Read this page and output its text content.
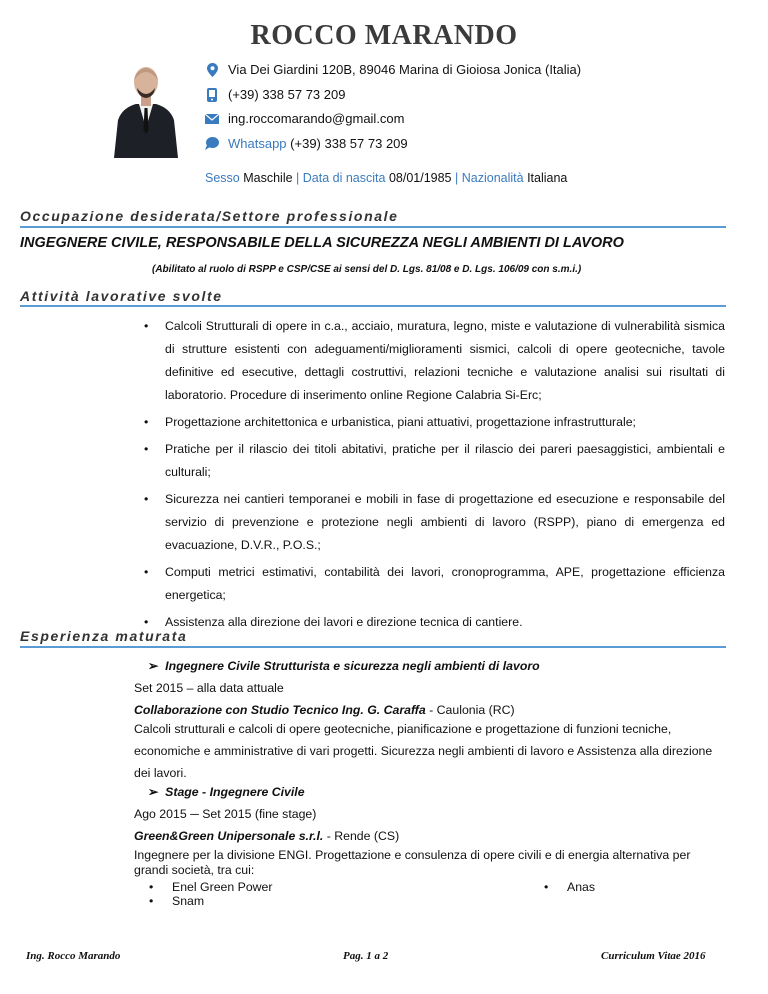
ROCCO MARANDO
Via Dei Giardini 120B, 89046 Marina di Gioiosa Jonica (Italia)
(+39) 338 57 73 209
ing.roccomarando@gmail.com
Whatsapp
(+39) 338 57 73 209
Sesso Maschile | Data di nascita 08/01/1985 | Nazionalità Italiana
Occupazione desiderata/Settore professionale
INGEGNERE CIVILE, RESPONSABILE DELLA SICUREZZA NEGLI AMBIENTI DI LAVORO
(Abilitato al ruolo di RSPP e CSP/CSE ai sensi del D. Lgs. 81/08 e D. Lgs. 106/09 con s.m.i.)
Attività lavorative svolte
• Calcoli Strutturali di opere in c.a., acciaio, muratura, legno, miste e valutazione di vulnerabilità sismica di strutture esistenti con adeguamenti/miglioramenti sismici, calcoli di opere geotecniche, tavole definitive ed esecutive, dettagli costruttivi, relazioni tecniche e valutazione analisi sui risultati di laboratorio. Procedure di inserimento online Regione Calabria Si-Erc;
• Progettazione architettonica e urbanistica, piani attuativi, progettazione infrastrutturale;
• Pratiche per il rilascio dei titoli abitativi, pratiche per il rilascio dei pareri paesaggistici, ambientali e culturali;
• Sicurezza nei cantieri temporanei e mobili in fase di progettazione ed esecuzione e responsabile del servizio di prevenzione e protezione negli ambienti di lavoro (RSPP), piano di emergenza ed evacuazione, D.V.R., P.O.S.;
• Computi metrici estimativi, contabilità dei lavori, cronoprogramma, APE, progettazione efficienza energetica;
• Assistenza alla direzione dei lavori e direzione tecnica di cantiere.
Esperienza maturata
➢ Ingegnere Civile Strutturista e sicurezza negli ambienti di lavoro
Set 2015 – alla data attuale
Collaborazione con Studio Tecnico Ing. G. Caraffa - Caulonia (RC)
Calcoli strutturali e calcoli di opere geotecniche, pianificazione e progettazione di funzioni tecniche, economiche e amministrative di vari progetti. Sicurezza negli ambienti di lavoro e Assistenza alla direzione dei lavori.
➢ Stage - Ingegnere Civile
Ago 2015 ─ Set 2015 (fine stage)
Green&Green Unipersonale s.r.l. - Rende (CS)
Ingegnere per la divisione ENGI. Progettazione e consulenza di opere civili e di energia alternativa per grandi società, tra cui:
• Enel Green Power
• Snam
• Anas
Ing. Rocco Marando	Pag. 1 a 2	Curriculum Vitae 2016
